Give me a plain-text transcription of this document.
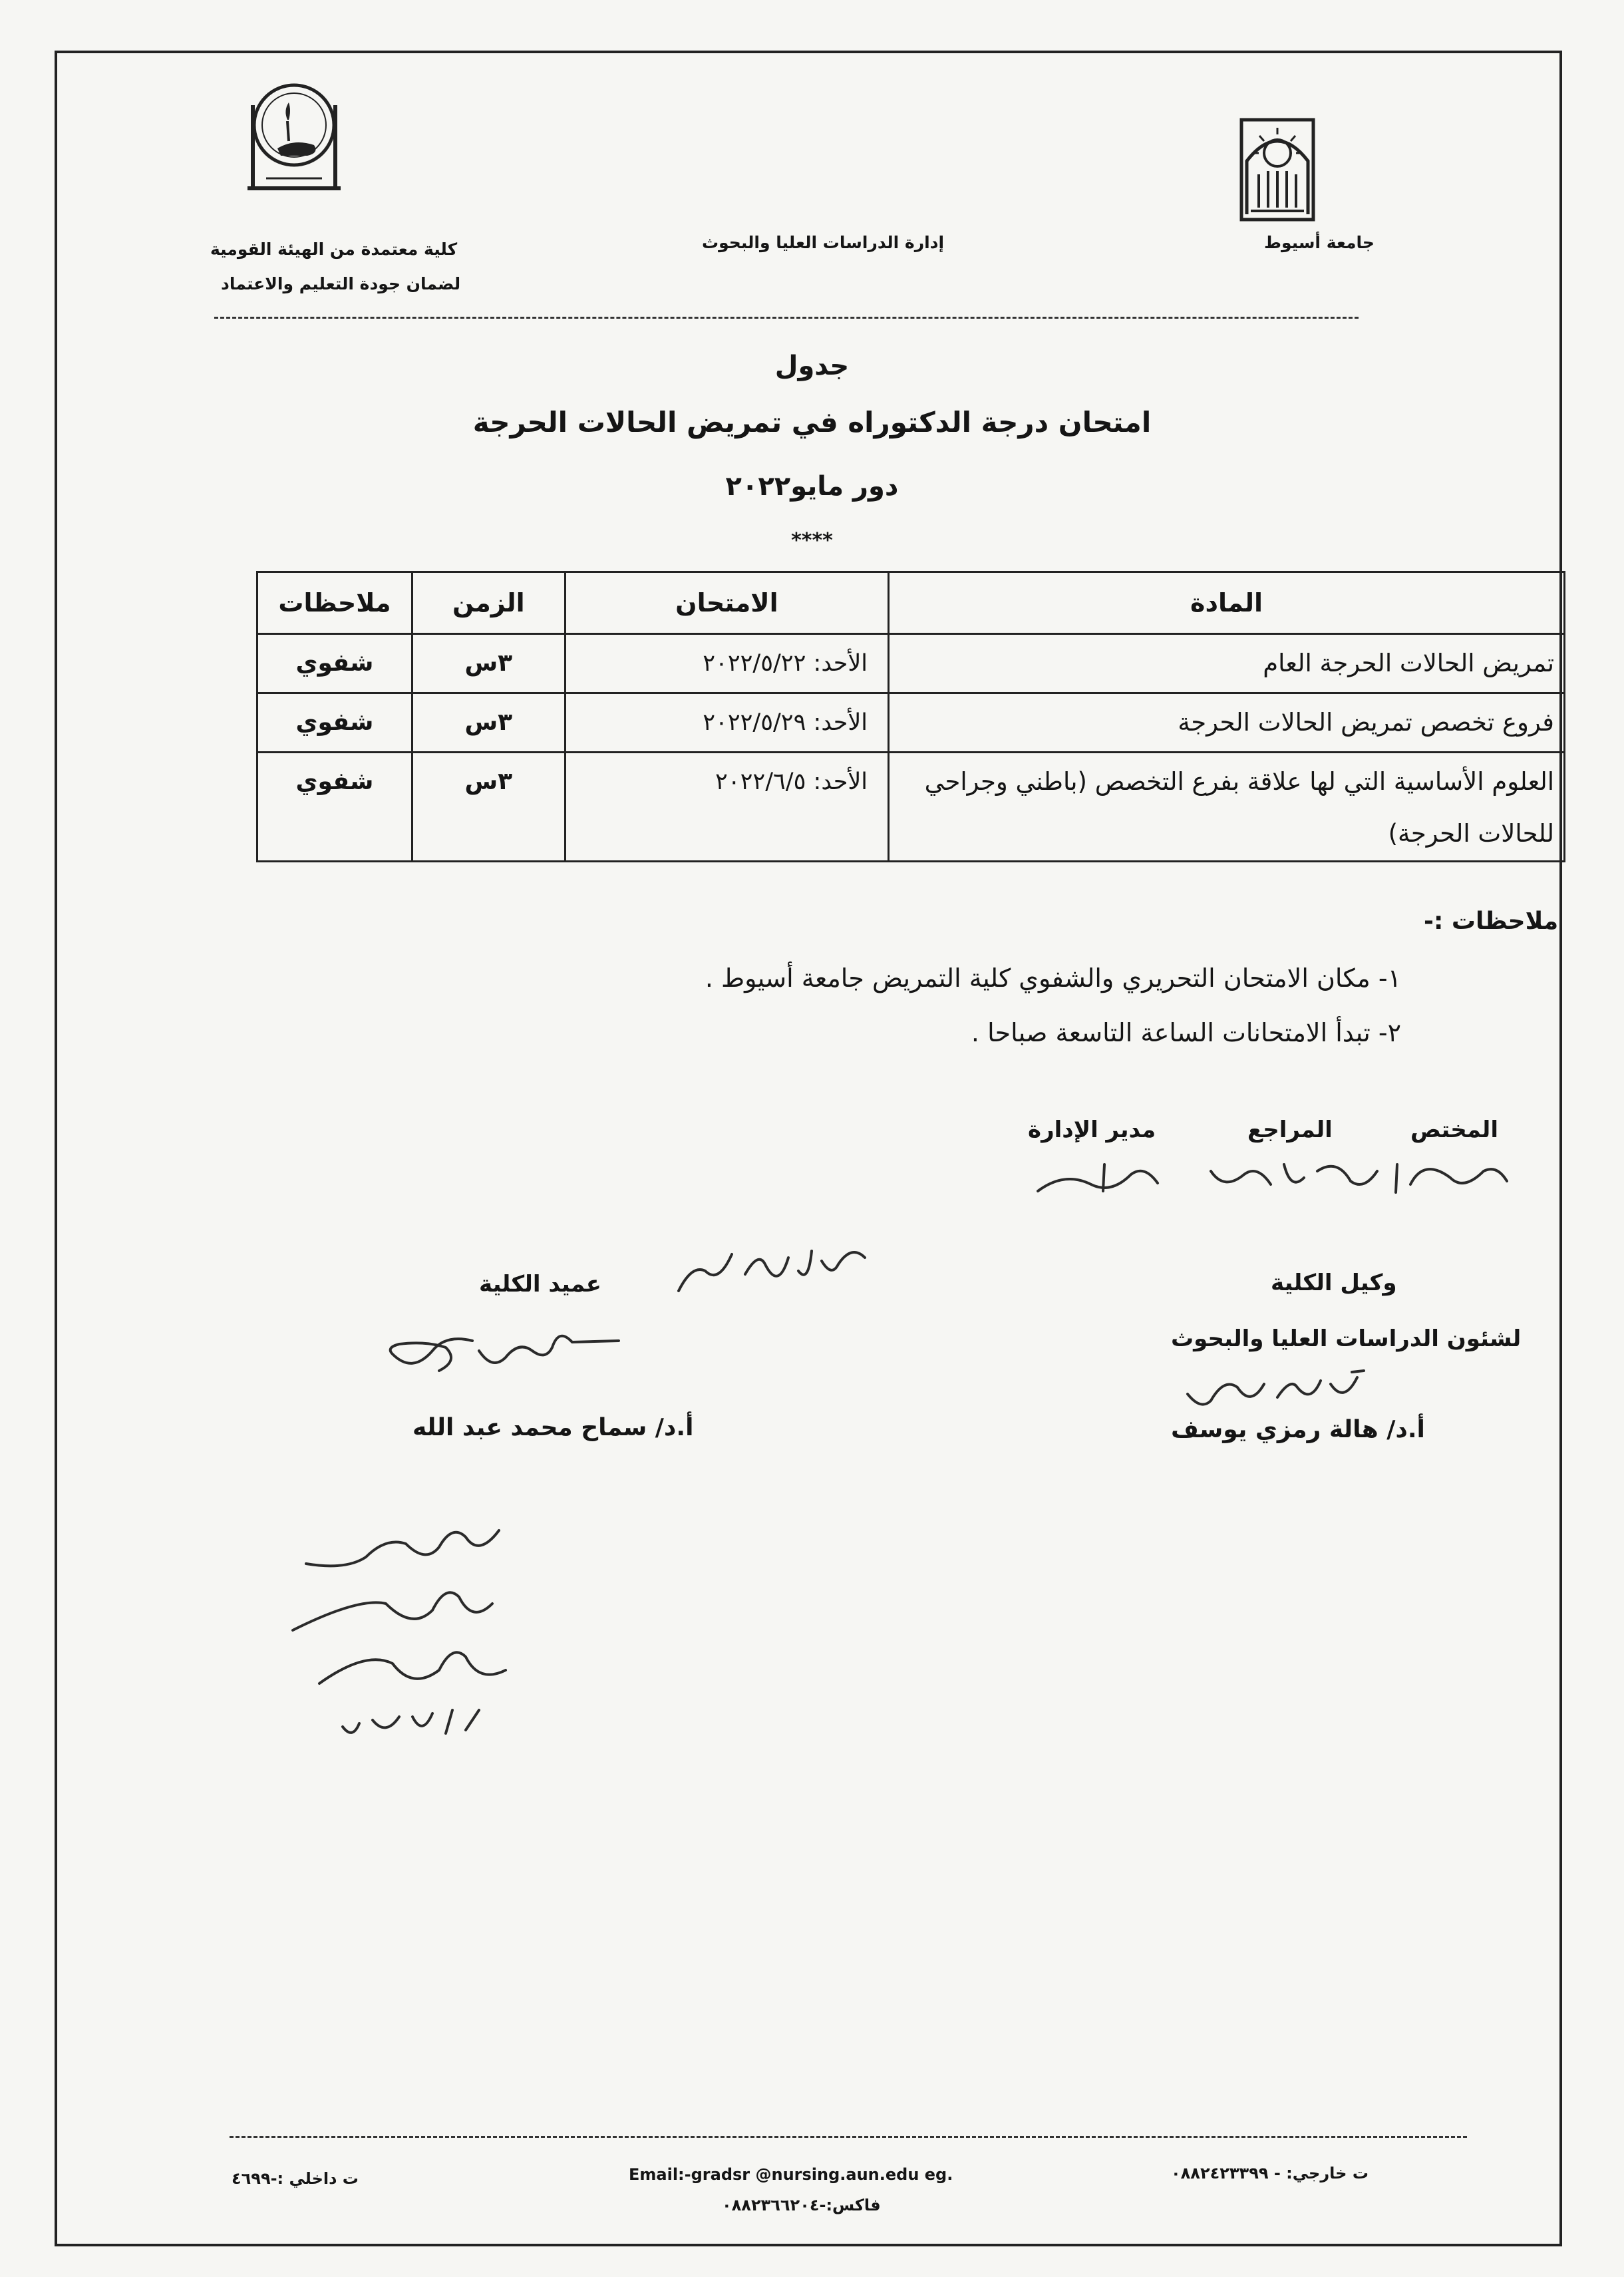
جامعة أسيوط
إدارة الدراسات العليا والبحوث
كلية معتمدة من الهيئة القومية
لضمان جودة التعليم والاعتماد
جدول
امتحان درجة الدكتوراه في تمريض الحالات الحرجة
دور مايو٢٠٢٢
****
المادة	الامتحان	الزمن	ملاحظات
تمريض الحالات الحرجة العام	الأحد: ٢٠٢٢/٥/٢٢	٣س	شفوي
فروع تخصص تمريض الحالات الحرجة	الأحد: ٢٠٢٢/٥/٢٩	٣س	شفوي
العلوم الأساسية التي لها علاقة بفرع التخصص (باطني وجراحي للحالات الحرجة)	الأحد: ٢٠٢٢/٦/٥	٣س	شفوي
ملاحظات :-
١- مكان الامتحان التحريري والشفوي كلية التمريض جامعة أسيوط .
٢- تبدأ الامتحانات الساعة التاسعة صباحا .
المختص
المراجع
مدير الإدارة
وكيل الكلية
لشئون الدراسات العليا والبحوث
أ.د/ هالة رمزي يوسف
عميد الكلية
أ.د/ سماح محمد عبد الله
ت خارجي: - ٠٨٨٢٤٢٣٣٩٩
Email:-gradsr @nursing.aun.edu eg.
ت داخلي :-٤٦٩٩
فاكس:-٠٨٨٢٣٦٦٢٠٤
